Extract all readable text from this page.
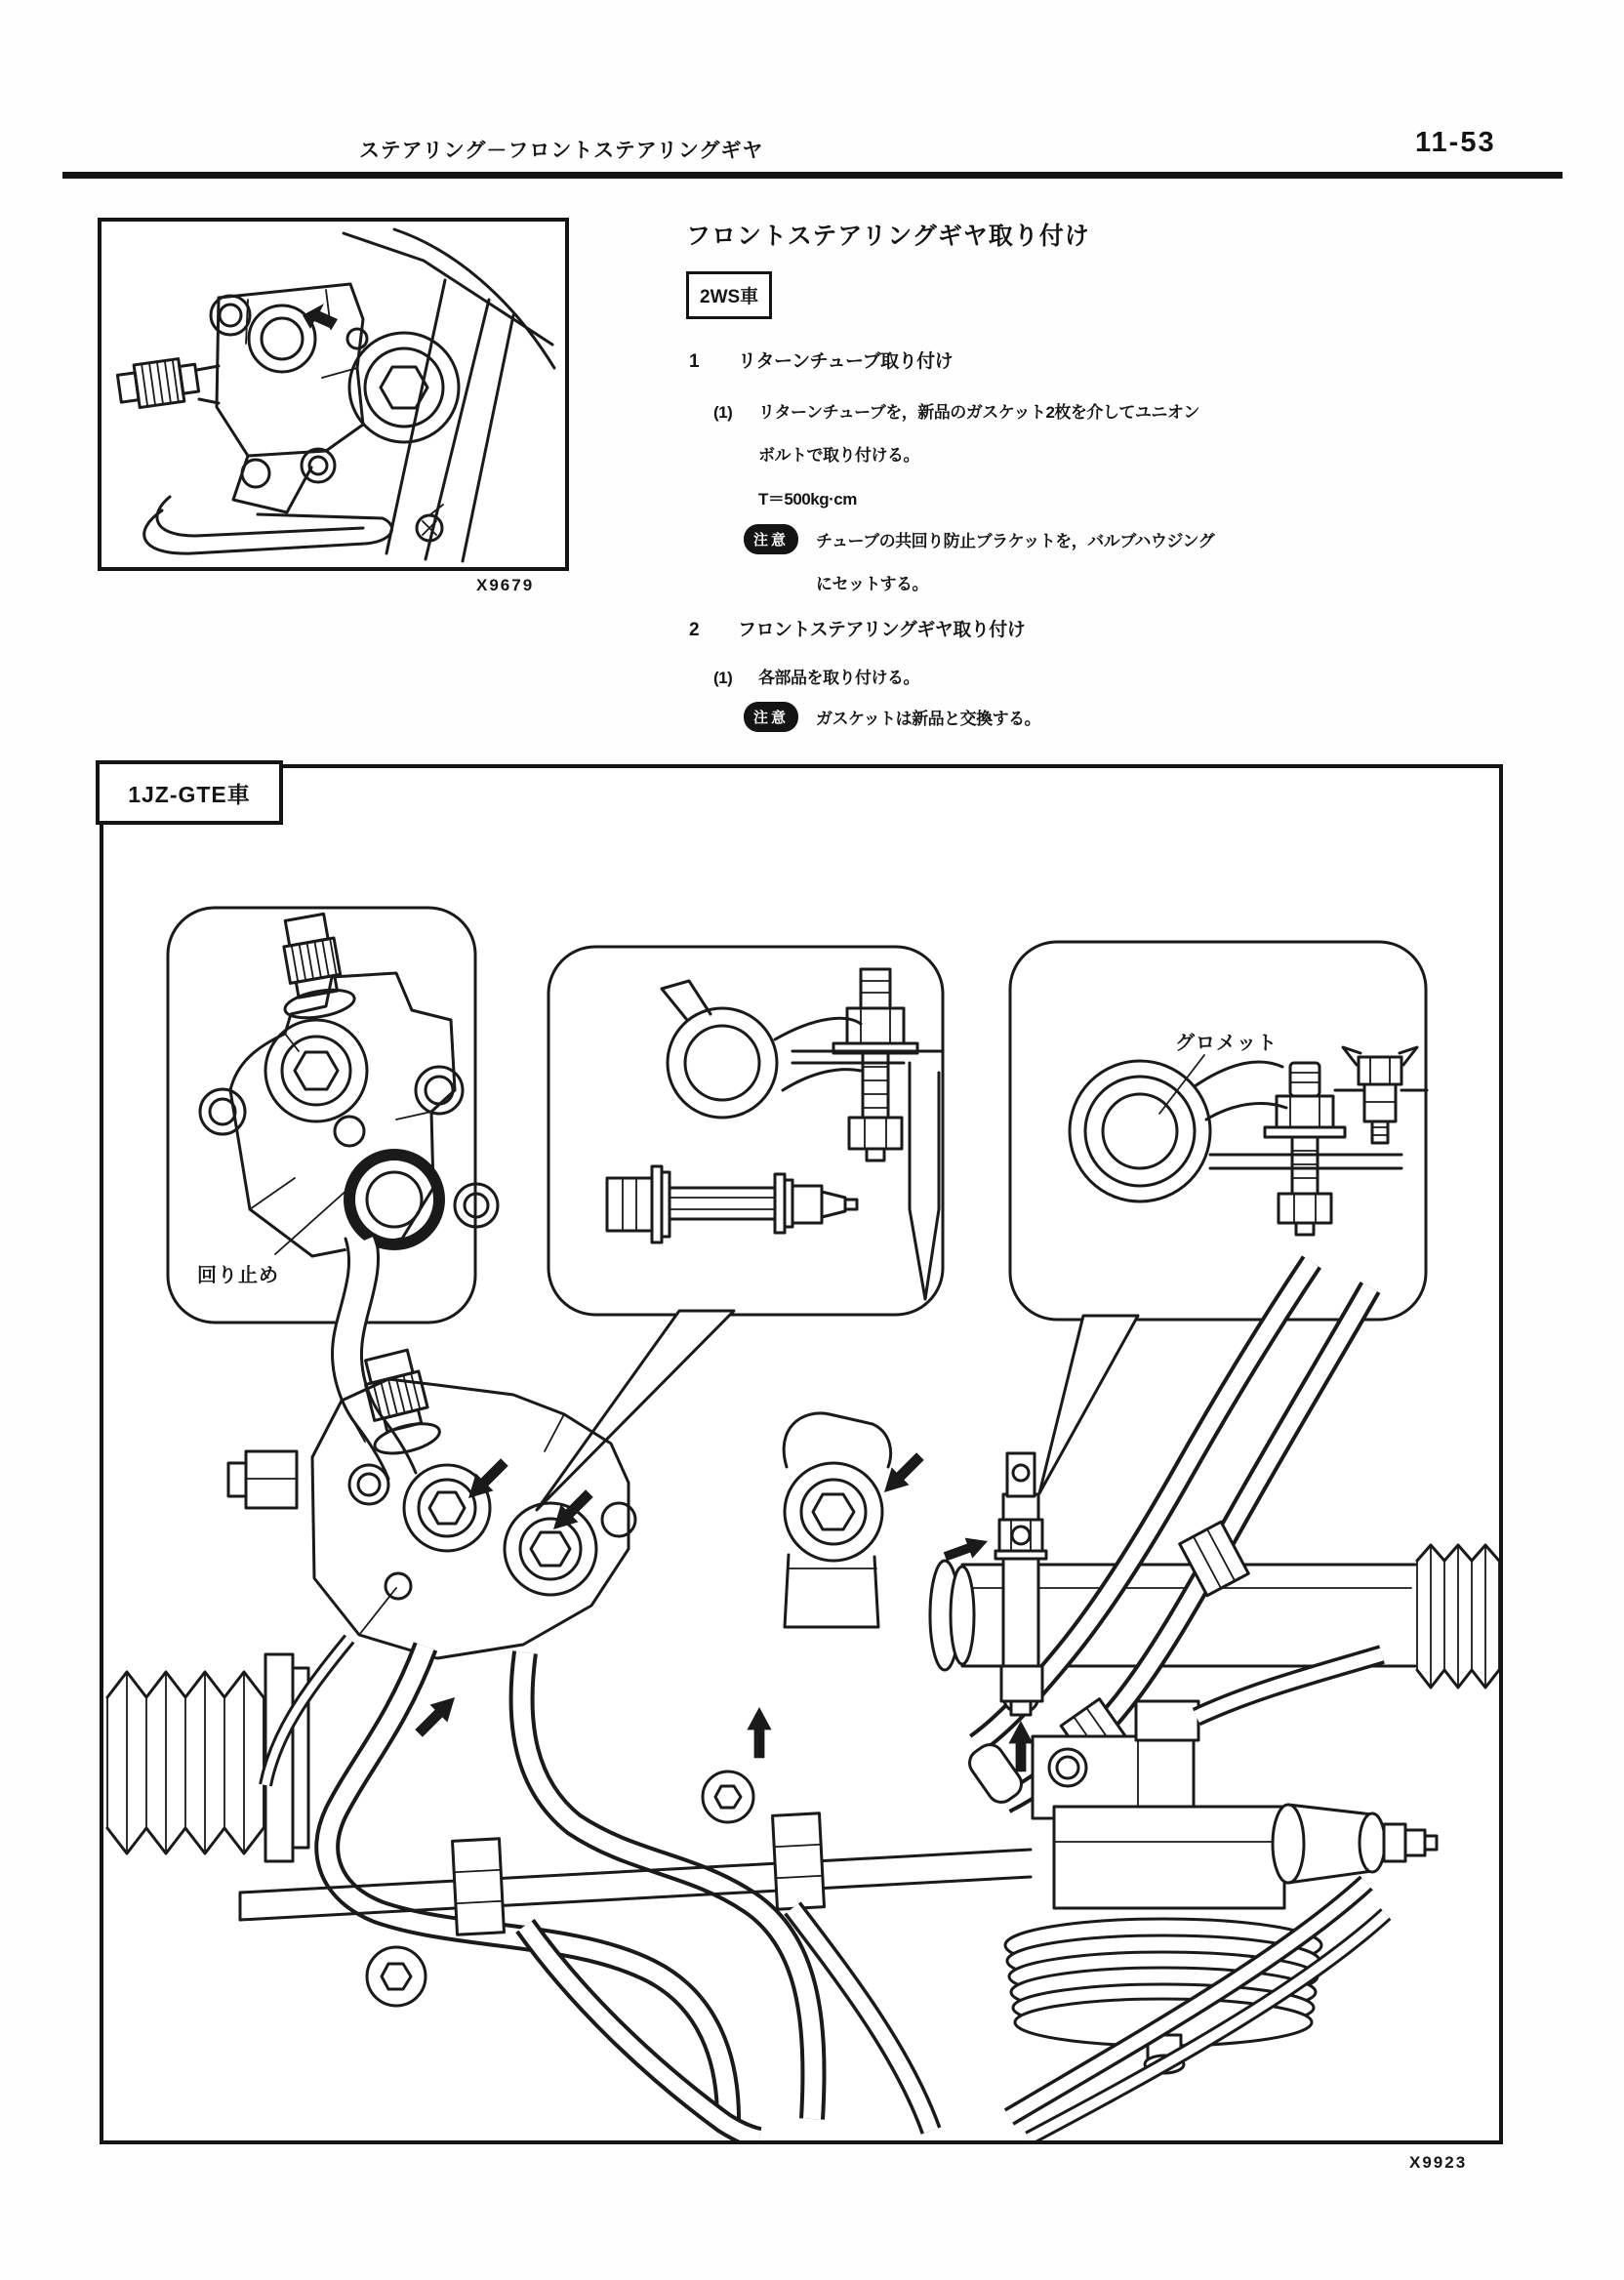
ステアリング－フロントステアリングギヤ	11-53
X9679
フロントステアリングギヤ取り付け
2WS車
1 リターンチューブ取り付け
(1) リターンチューブを，新品のガスケット2枚を介してユニオン
ボルトで取り付ける。
T＝500kg·cm
注意	チューブの共回り防止ブラケットを，バルブハウジング
にセットする。
2 フロントステアリングギヤ取り付け
(1) 各部品を取り付ける。
注意	ガスケットは新品と交換する。
1JZ-GTE車
回り止め
グロメット
X9923
